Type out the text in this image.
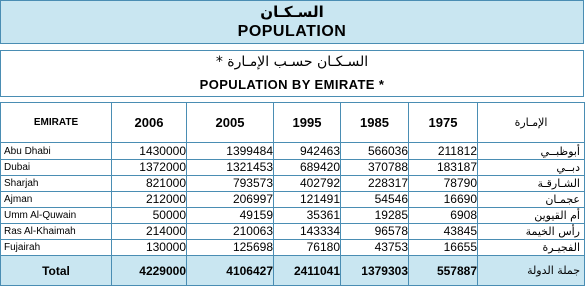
السـكـان
POPULATION
السـكـان حسـب الإمـارة *
POPULATION BY EMIRATE *
EMIRATE	2006	2005	1995	1985	1975	الإمـارة
Abu Dhabi	1430000	1399484	942463	566036	211812	أبوظبــي
Dubai	1372000	1321453	689420	370788	183187	دبــي
Sharjah	821000	793573	402792	228317	78790	الشـارقـة
Ajman	212000	206997	121491	54546	16690	عجمـان
Umm Al-Quwain	50000	49159	35361	19285	6908	أم القيوين
Ras Al-Khaimah	214000	210063	143334	96578	43845	رأس الخيمة
Fujairah	130000	125698	76180	43753	16655	الفجيـرة
Total	4229000	4106427	2411041	1379303	557887	جملة الدولة
